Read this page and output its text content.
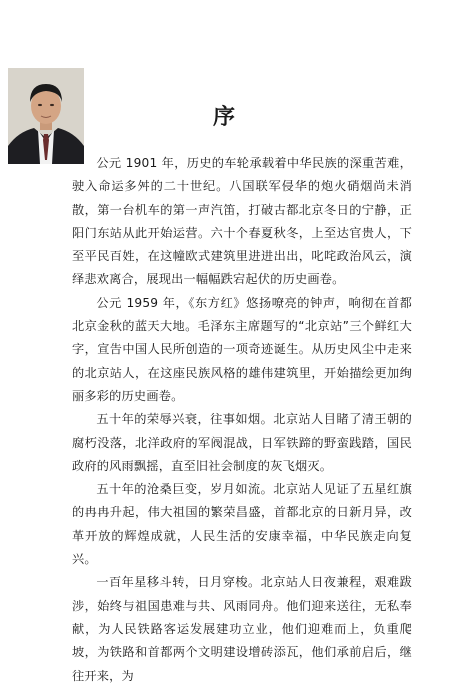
序

公元 1901 年，历史的车轮承载着中华民族的深重苦难，驶入命运多舛的二十世纪。八国联军侵华的炮火硝烟尚未消散，第一台机车的第一声汽笛，打破古都北京冬日的宁静，正阳门东站从此开始运营。六十个春夏秋冬，上至达官贵人，下至平民百姓，在这幢欧式建筑里进进出出，叱咤政治风云，演绎悲欢离合，展现出一幅幅跌宕起伏的历史画卷。

公元 1959 年，《东方红》悠扬嘹亮的钟声，响彻在首都北京金秋的蓝天大地。毛泽东主席题写的“北京站”三个鲜红大字，宣告中国人民所创造的一项奇迹诞生。从历史风尘中走来的北京站人，在这座民族风格的雄伟建筑里，开始描绘更加绚丽多彩的历史画卷。

五十年的荣辱兴衰，往事如烟。北京站人目睹了清王朝的腐朽没落，北洋政府的军阀混战，日军铁蹄的野蛮践踏，国民政府的风雨飘摇，直至旧社会制度的灰飞烟灭。

五十年的沧桑巨变，岁月如流。北京站人见证了五星红旗的冉冉升起，伟大祖国的繁荣昌盛，首都北京的日新月异，改革开放的辉煌成就，人民生活的安康幸福，中华民族走向复兴。

一百年星移斗转，日月穿梭。北京站人日夜兼程，艰难跋涉，始终与祖国患难与共、风雨同舟。他们迎来送往，无私奉献，为人民铁路客运发展建功立业，他们迎难而上，负重爬坡，为铁路和首都两个文明建设增砖添瓦，他们承前启后，继往开来，为
